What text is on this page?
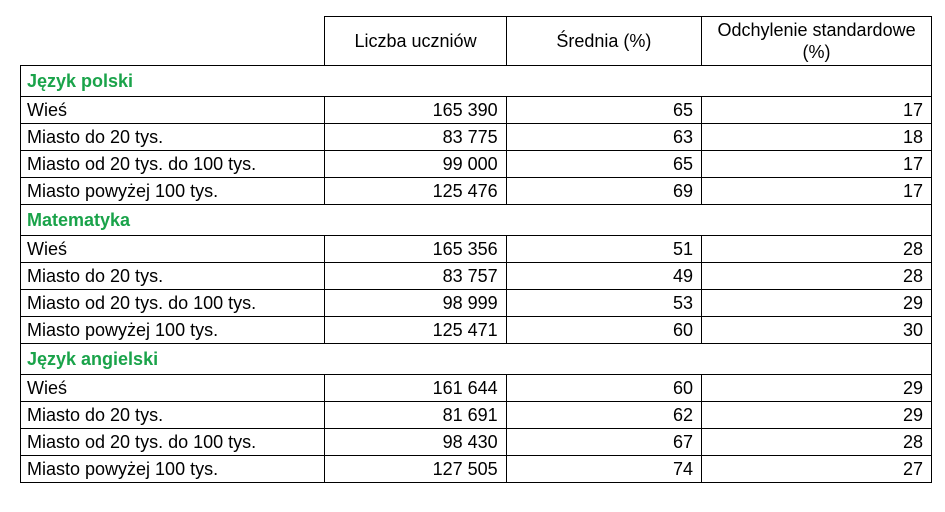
	Liczba uczniów	Średnia (%)	Odchylenie standardowe (%)
Język polski			
Wieś	165 390	65	17
Miasto do 20 tys.	83 775	63	18
Miasto od 20 tys. do 100 tys.	99 000	65	17
Miasto powyżej 100 tys.	125 476	69	17
Matematyka			
Wieś	165 356	51	28
Miasto do 20 tys.	83 757	49	28
Miasto od 20 tys. do 100 tys.	98 999	53	29
Miasto powyżej 100 tys.	125 471	60	30
Język angielski			
Wieś	161 644	60	29
Miasto do 20 tys.	81 691	62	29
Miasto od 20 tys. do 100 tys.	98 430	67	28
Miasto powyżej 100 tys.	127 505	74	27
